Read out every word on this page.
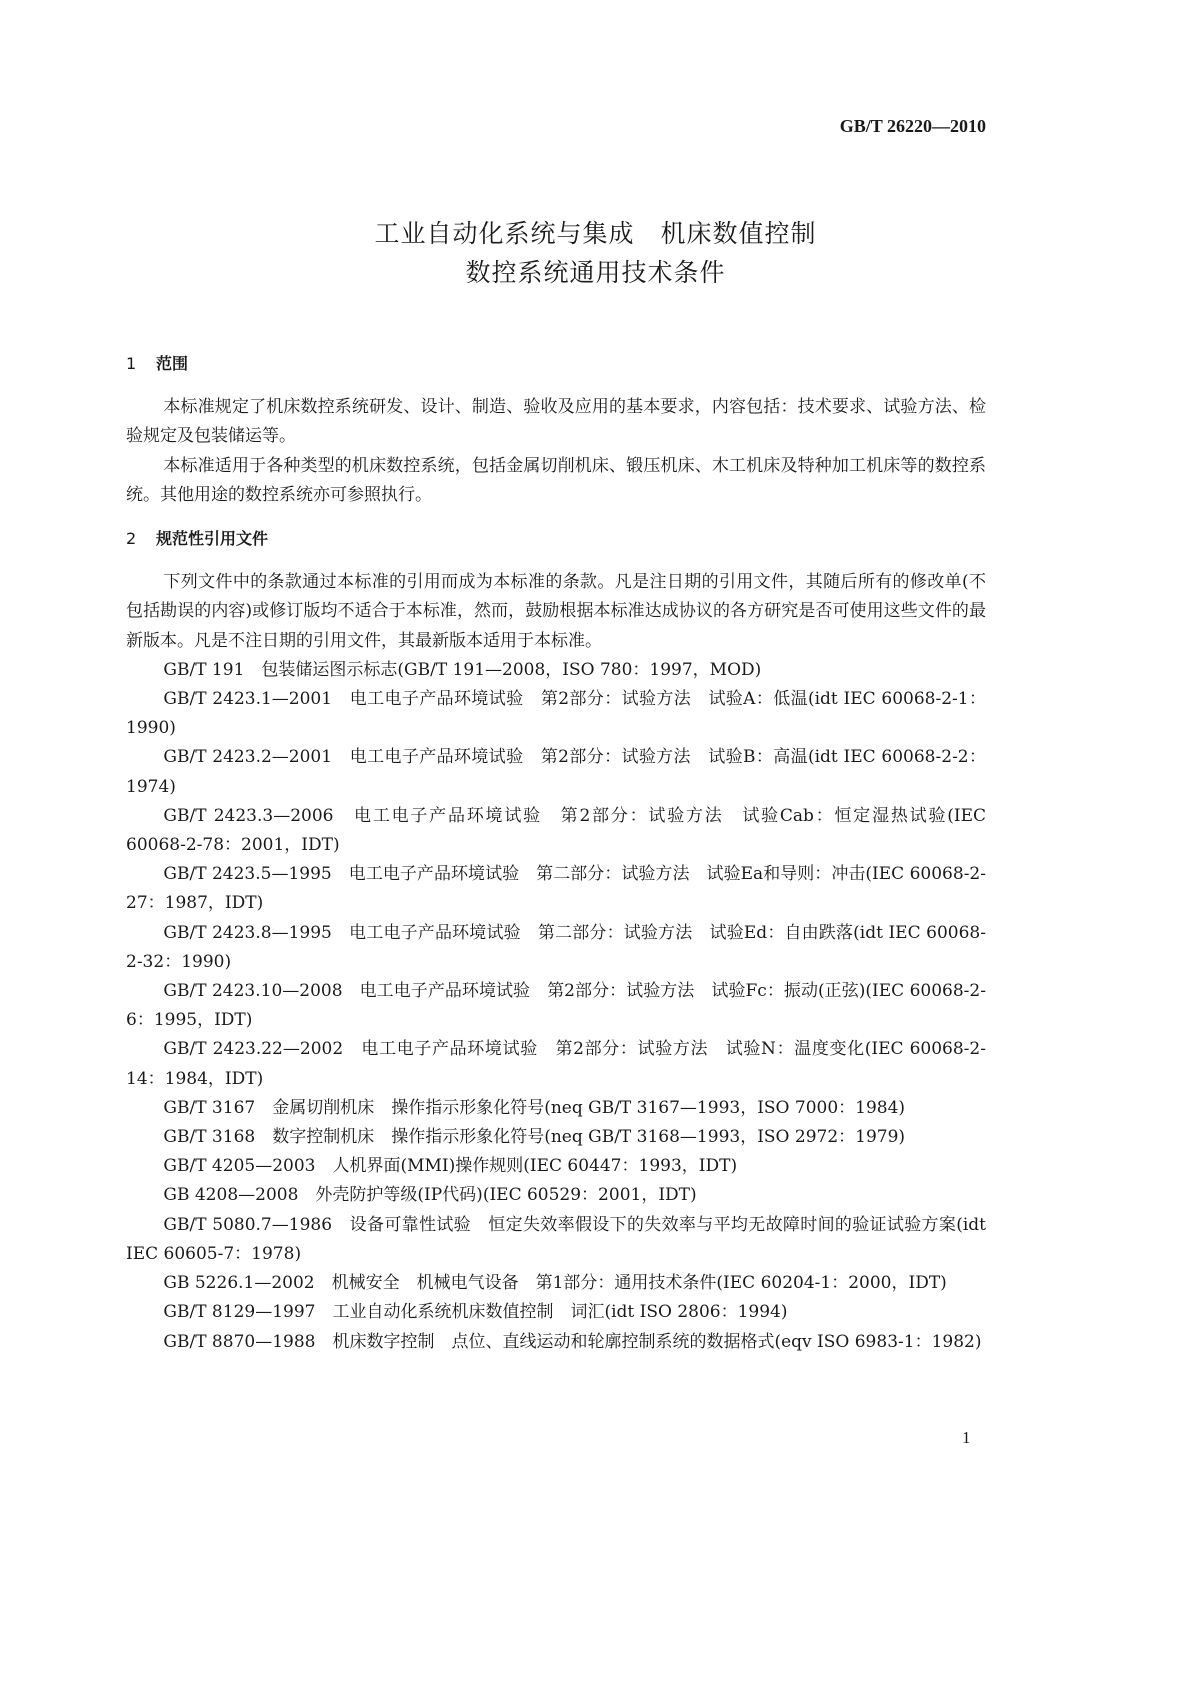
GB/T 26220—2010
工业自动化系统与集成　机床数值控制
数控系统通用技术条件
1 范围

本标准规定了机床数控系统研发、设计、制造、验收及应用的基本要求，内容包括：技术要求、试验方法、检验规定及包装储运等。

本标准适用于各种类型的机床数控系统，包括金属切削机床、锻压机床、木工机床及特种加工机床等的数控系统。其他用途的数控系统亦可参照执行。

2 规范性引用文件

下列文件中的条款通过本标准的引用而成为本标准的条款。凡是注日期的引用文件，其随后所有的修改单(不包括勘误的内容)或修订版均不适合于本标准，然而，鼓励根据本标准达成协议的各方研究是否可使用这些文件的最新版本。凡是不注日期的引用文件，其最新版本适用于本标准。

GB/T 191　包装储运图示标志(GB/T 191—2008，ISO 780：1997，MOD)

GB/T 2423.1—2001　电工电子产品环境试验　第2部分：试验方法　试验A：低温(idt IEC 60068-2-1：1990)

GB/T 2423.2—2001　电工电子产品环境试验　第2部分：试验方法　试验B：高温(idt IEC 60068-2-2：1974)

GB/T 2423.3—2006　电工电子产品环境试验　第2部分：试验方法　试验Cab：恒定湿热试验(IEC 60068-2-78：2001，IDT)

GB/T 2423.5—1995　电工电子产品环境试验　第二部分：试验方法　试验Ea和导则：冲击(IEC 60068-2-27：1987，IDT)

GB/T 2423.8—1995　电工电子产品环境试验　第二部分：试验方法　试验Ed：自由跌落(idt IEC 60068-2-32：1990)

GB/T 2423.10—2008　电工电子产品环境试验　第2部分：试验方法　试验Fc：振动(正弦)(IEC 60068-2-6：1995，IDT)

GB/T 2423.22—2002　电工电子产品环境试验　第2部分：试验方法　试验N：温度变化(IEC 60068-2-14：1984，IDT)

GB/T 3167　金属切削机床　操作指示形象化符号(neq GB/T 3167—1993，ISO 7000：1984)

GB/T 3168　数字控制机床　操作指示形象化符号(neq GB/T 3168—1993，ISO 2972：1979)

GB/T 4205—2003　人机界面(MMI)操作规则(IEC 60447：1993，IDT)

GB 4208—2008　外壳防护等级(IP代码)(IEC 60529：2001，IDT)

GB/T 5080.7—1986　设备可靠性试验　恒定失效率假设下的失效率与平均无故障时间的验证试验方案(idt IEC 60605-7：1978)

GB 5226.1—2002　机械安全　机械电气设备　第1部分：通用技术条件(IEC 60204-1：2000，IDT)

GB/T 8129—1997　工业自动化系统机床数值控制　词汇(idt ISO 2806：1994)

GB/T 8870—1988　机床数字控制　点位、直线运动和轮廓控制系统的数据格式(eqv ISO 6983-1：1982)

1
